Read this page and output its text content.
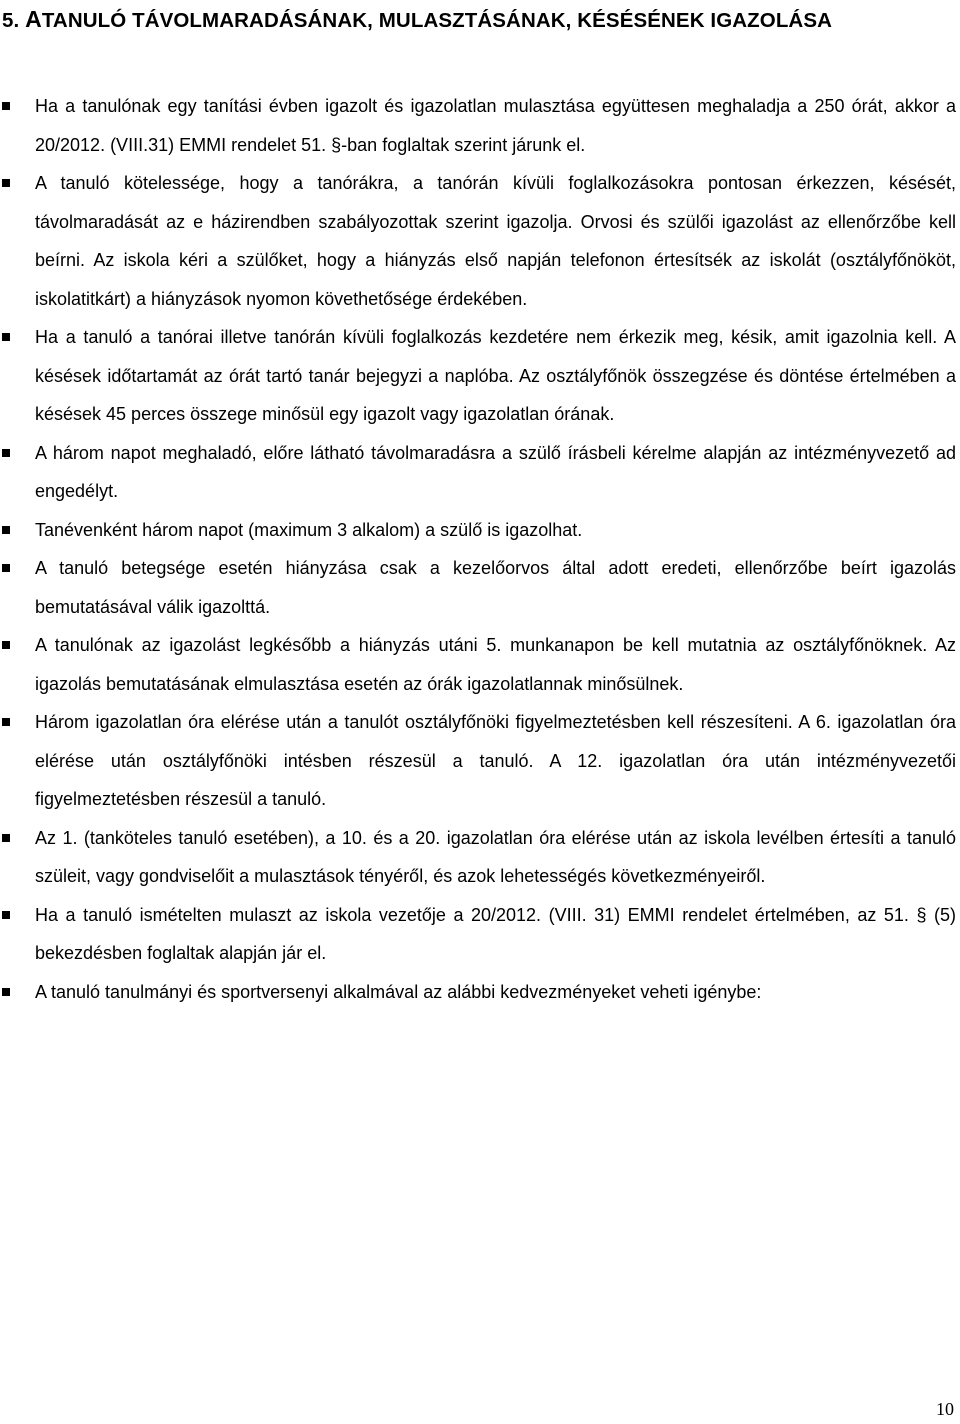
5. ATANULÓ TÁVOLMARADÁSÁNAK, MULASZTÁSÁNAK, KÉSÉSÉNEK IGAZOLÁSA
Ha a tanulónak egy tanítási évben igazolt és igazolatlan mulasztása együttesen meghaladja a 250 órát, akkor a 20/2012. (VIII.31) EMMI rendelet 51. §-ban foglaltak szerint járunk el.
A tanuló kötelessége, hogy a tanórákra, a tanórán kívüli foglalkozásokra pontosan érkezzen, késését, távolmaradását az e házirendben szabályozottak szerint igazolja. Orvosi és szülői igazolást az ellenőrzőbe kell beírni. Az iskola kéri a szülőket, hogy a hiányzás első napján telefonon értesítsék az iskolát (osztályfőnököt, iskolatitkárt) a hiányzások nyomon követhetősége érdekében.
Ha a tanuló a tanórai illetve tanórán kívüli foglalkozás kezdetére nem érkezik meg, késik, amit igazolnia kell. A késések időtartamát az órát tartó tanár bejegyzi a naplóba. Az osztályfőnök összegzése és döntése értelmében a késések 45 perces összege minősül egy igazolt vagy igazolatlan órának.
A három napot meghaladó, előre látható távolmaradásra a szülő írásbeli kérelme alapján az intézményvezető ad engedélyt.
Tanévenként három napot (maximum 3 alkalom) a szülő is igazolhat.
A tanuló betegsége esetén hiányzása csak a kezelőorvos által adott eredeti, ellenőrzőbe beírt igazolás bemutatásával válik igazolttá.
A tanulónak az igazolást legkésőbb a hiányzás utáni 5. munkanapon be kell mutatnia az osztályfőnöknek. Az igazolás bemutatásának elmulasztása esetén az órák igazolatlannak minősülnek.
Három igazolatlan óra elérése után a tanulót osztályfőnöki figyelmeztetésben kell részesíteni. A 6. igazolatlan óra elérése után osztályfőnöki intésben részesül a tanuló. A 12. igazolatlan óra után intézményvezetői figyelmeztetésben részesül a tanuló.
Az 1. (tanköteles tanuló esetében), a 10. és a 20. igazolatlan óra elérése után az iskola levélben értesíti a tanuló szüleit, vagy gondviselőit a mulasztások tényéről, és azok lehetességés következményeiről.
Ha a tanuló ismételten mulaszt az iskola vezetője a 20/2012. (VIII. 31) EMMI rendelet értelmében, az 51. § (5) bekezdésben foglaltak alapján jár el.
A tanuló tanulmányi és sportversenyi alkalmával az alábbi kedvezményeket veheti igénybe:
10
